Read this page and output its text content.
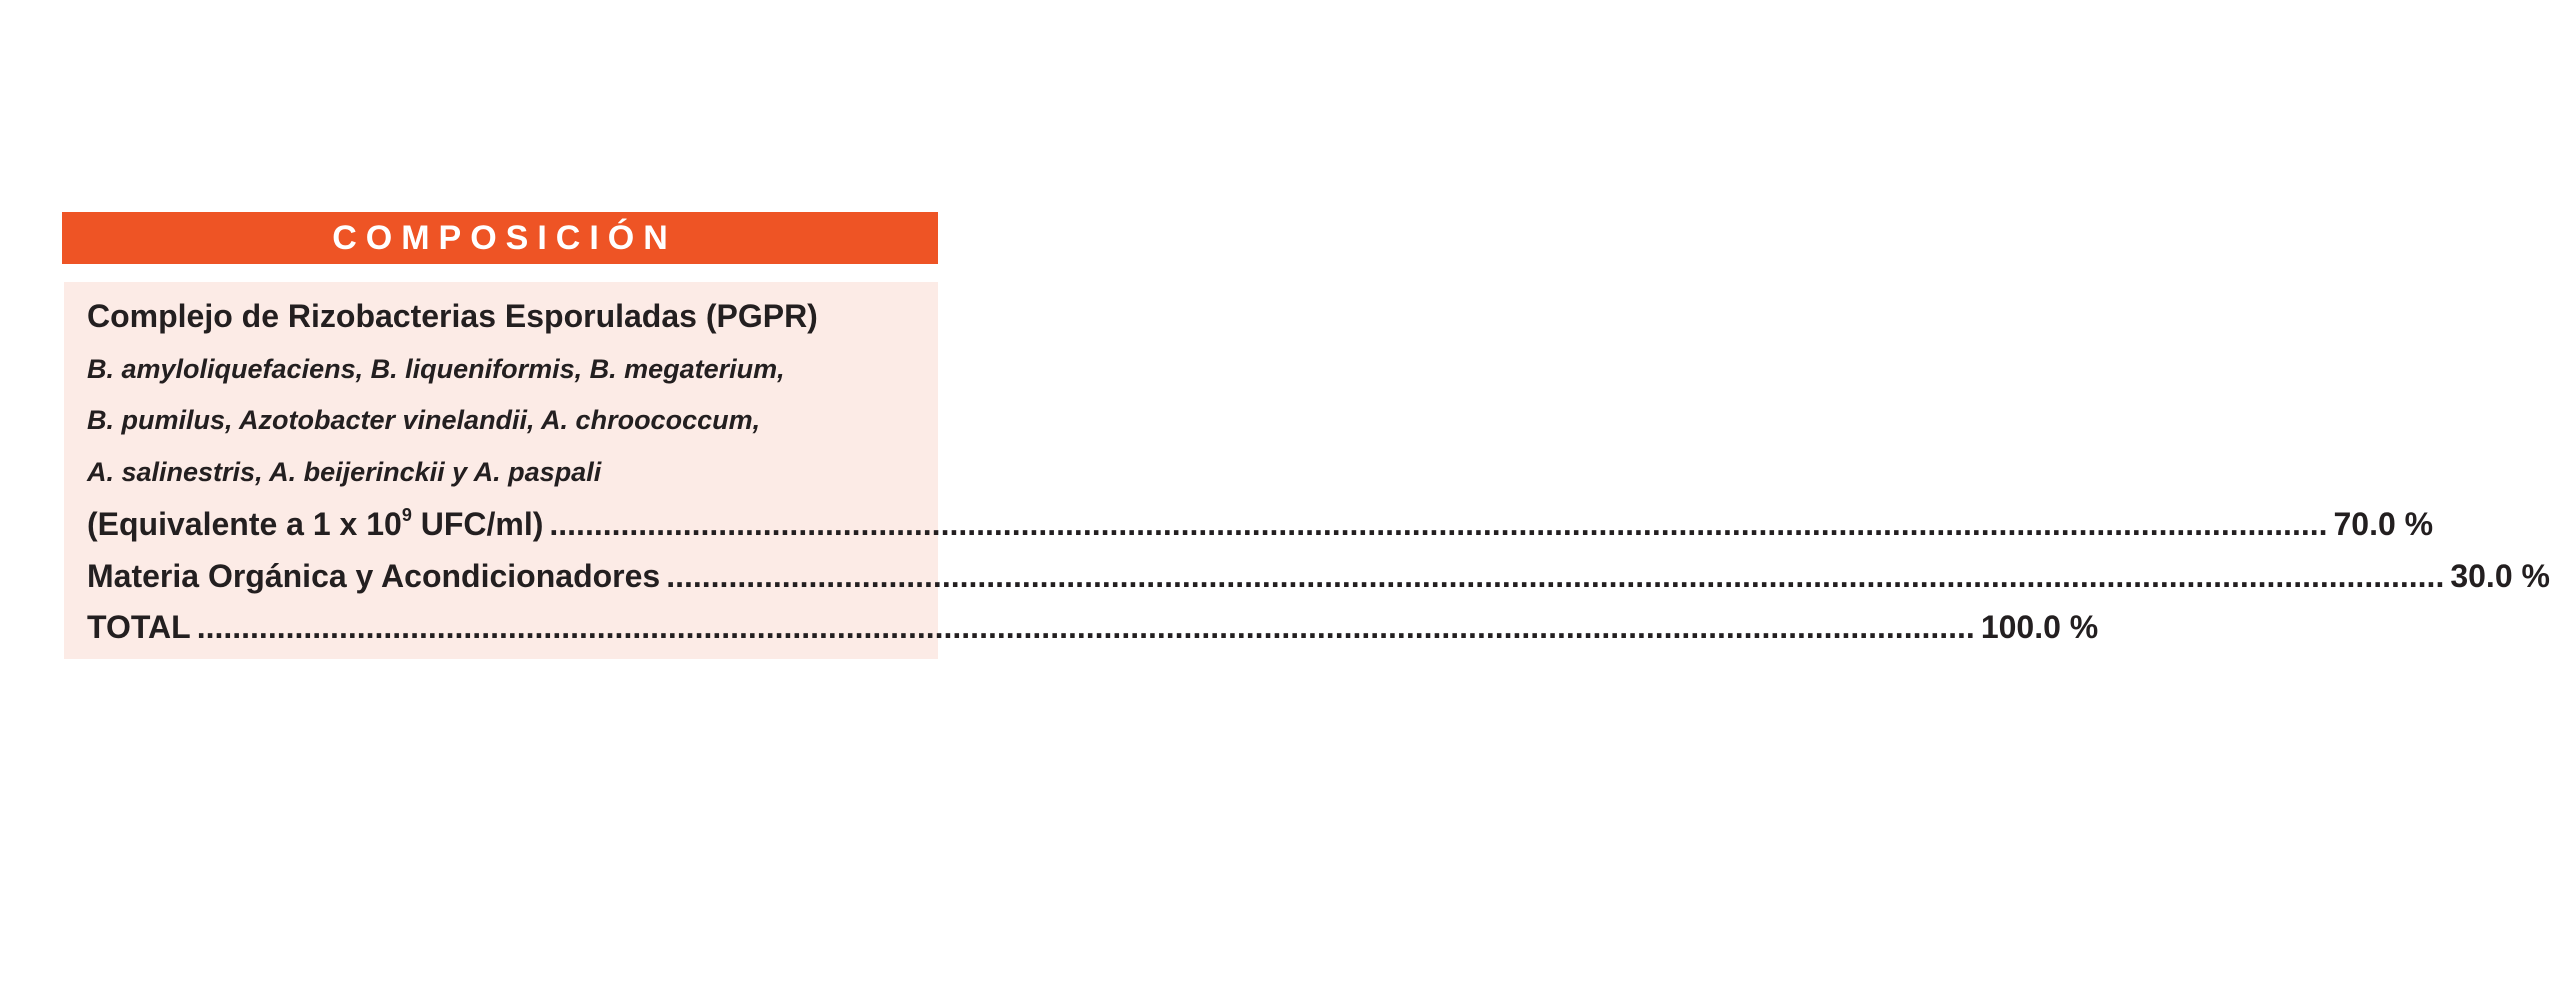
COMPOSICIÓN
Complejo de Rizobacterias Esporuladas (PGPR)
B. amyloliquefaciens, B. liqueniformis, B. megaterium,
B. pumilus, Azotobacter vinelandii, A. chroococcum,
A. salinestris, A. beijerinckii y A. paspali
(Equivalente a 1 x $10^9$ UFC/ml) ........................................................................................................................................................................................................ 70.0 %
Materia Orgánica y Acondicionadores ........................................................................................................................................................................................................ 30.0 %
TOTAL ........................................................................................................................................................................................................ 100.0 %
